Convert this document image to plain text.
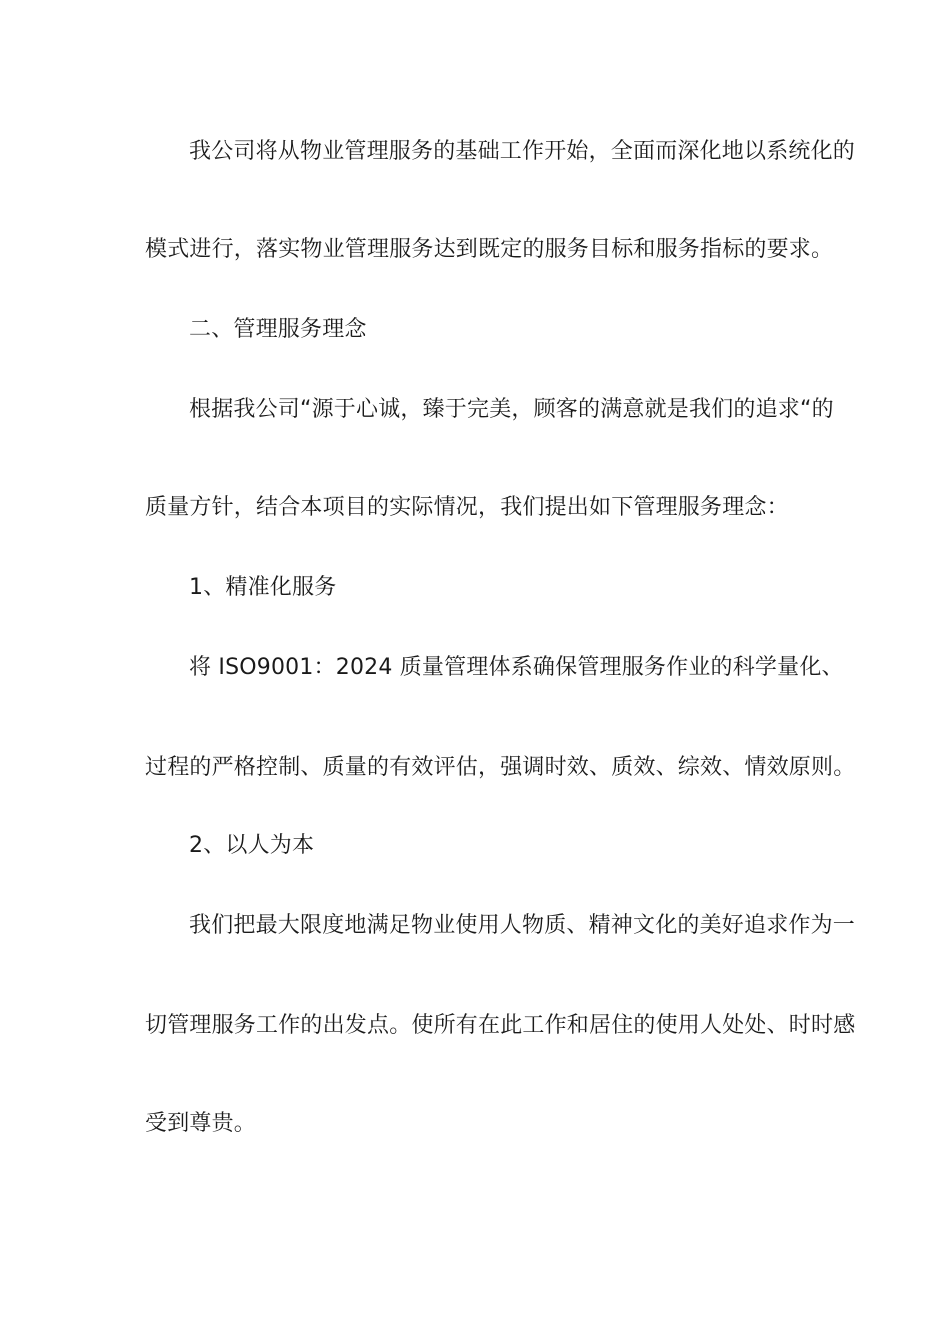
我公司将从物业管理服务的基础工作开始，全面而深化地以系统化的
模式进行，落实物业管理服务达到既定的服务目标和服务指标的要求。
二、管理服务理念
根据我公司“源于心诚，臻于完美，顾客的满意就是我们的追求“的
质量方针，结合本项目的实际情况，我们提出如下管理服务理念：
1、精准化服务
将 ISO9001：2024 质量管理体系确保管理服务作业的科学量化、
过程的严格控制、质量的有效评估，强调时效、质效、综效、情效原则。
2、以人为本
我们把最大限度地满足物业使用人物质、精神文化的美好追求作为一
切管理服务工作的出发点。使所有在此工作和居住的使用人处处、时时感
受到尊贵。
